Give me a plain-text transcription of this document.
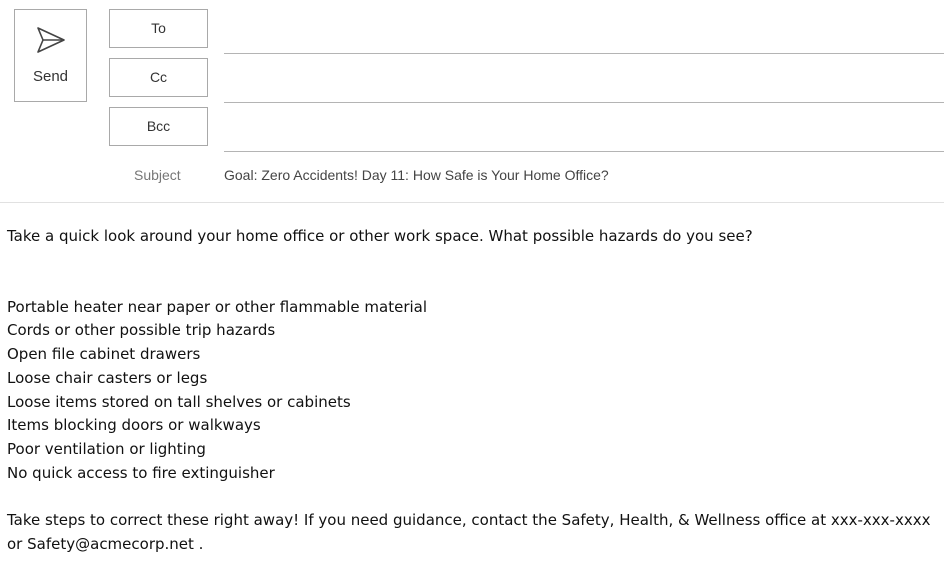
Send
To
Cc
Bcc
Subject	Goal: Zero Accidents! Day 11: How Safe is Your Home Office?

Take a quick look around your home office or other work space. What possible hazards do you see?

Portable heater near paper or other flammable material
Cords or other possible trip hazards
Open file cabinet drawers
Loose chair casters or legs
Loose items stored on tall shelves or cabinets
Items blocking doors or walkways
Poor ventilation or lighting
No quick access to fire extinguisher

Take steps to correct these right away! If you need guidance, contact the Safety, Health, & Wellness office at xxx-xxx-xxxx or Safety@acmecorp.net .
